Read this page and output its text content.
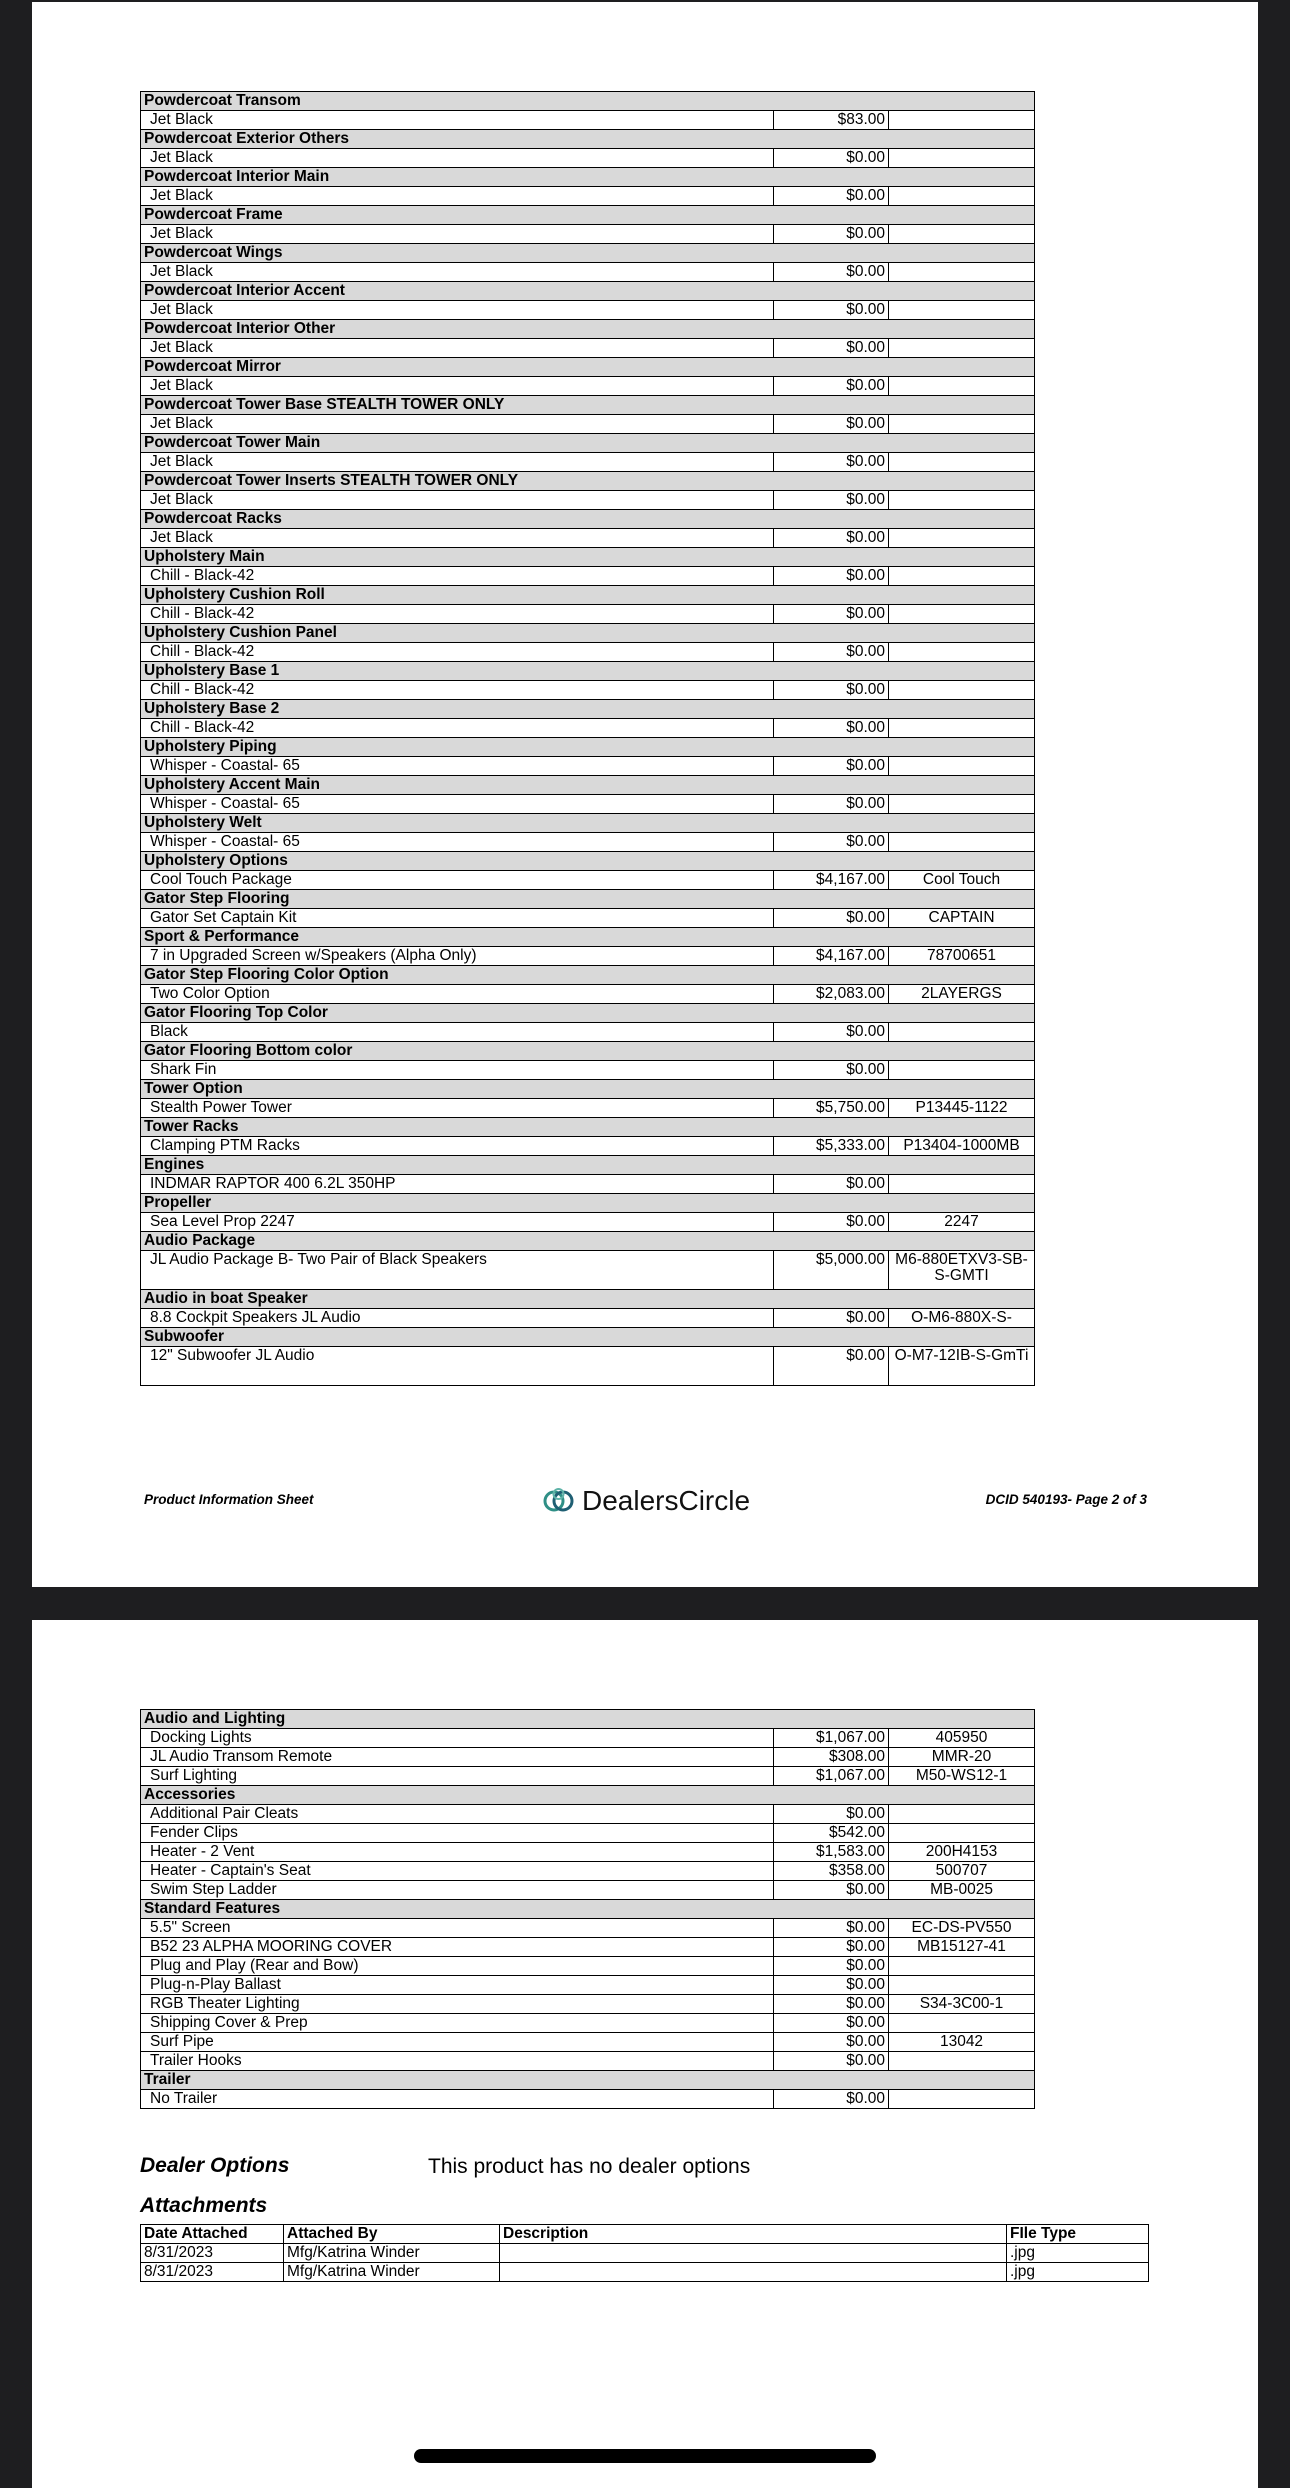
Powdercoat Transom		
Jet Black	$83.00	
Powdercoat Exterior Others		
Jet Black	$0.00	
Powdercoat Interior Main		
Jet Black	$0.00	
Powdercoat Frame		
Jet Black	$0.00	
Powdercoat Wings		
Jet Black	$0.00	
Powdercoat Interior Accent		
Jet Black	$0.00	
Powdercoat Interior Other		
Jet Black	$0.00	
Powdercoat Mirror		
Jet Black	$0.00	
Powdercoat Tower Base STEALTH TOWER ONLY		
Jet Black	$0.00	
Powdercoat Tower Main		
Jet Black	$0.00	
Powdercoat Tower Inserts STEALTH TOWER ONLY		
Jet Black	$0.00	
Powdercoat Racks		
Jet Black	$0.00	
Upholstery Main		
Chill - Black-42	$0.00	
Upholstery Cushion Roll		
Chill - Black-42	$0.00	
Upholstery Cushion Panel		
Chill - Black-42	$0.00	
Upholstery Base 1		
Chill - Black-42	$0.00	
Upholstery Base 2		
Chill - Black-42	$0.00	
Upholstery Piping		
Whisper - Coastal- 65	$0.00	
Upholstery Accent Main		
Whisper - Coastal- 65	$0.00	
Upholstery Welt		
Whisper - Coastal- 65	$0.00	
Upholstery Options		
Cool Touch Package	$4,167.00	Cool Touch
Gator Step Flooring		
Gator Set Captain Kit	$0.00	CAPTAIN
Sport & Performance		
7 in Upgraded Screen w/Speakers (Alpha Only)	$4,167.00	78700651
Gator Step Flooring Color Option		
Two Color Option	$2,083.00	2LAYERGS
Gator Flooring Top Color		
Black	$0.00	
Gator Flooring Bottom color		
Shark Fin	$0.00	
Tower Option		
Stealth Power Tower	$5,750.00	P13445-1122
Tower Racks		
Clamping PTM Racks	$5,333.00	P13404-1000MB
Engines		
INDMAR RAPTOR 400 6.2L 350HP	$0.00	
Propeller		
Sea Level Prop 2247	$0.00	2247
Audio Package		
JL Audio Package B- Two Pair of Black Speakers	$5,000.00	M6-880ETXV3-SB-S-GMTI
Audio in boat Speaker		
8.8 Cockpit Speakers JL Audio	$0.00	O-M6-880X-S-
Subwoofer		
12" Subwoofer JL Audio	$0.00	O-M7-12IB-S-GmTi
Product Information Sheet	DealersCircle	DCID 540193- Page 2 of 3
Audio and Lighting		
Docking Lights	$1,067.00	405950
JL Audio Transom Remote	$308.00	MMR-20
Surf Lighting	$1,067.00	M50-WS12-1
Accessories		
Additional Pair Cleats	$0.00	
Fender Clips	$542.00	
Heater - 2 Vent	$1,583.00	200H4153
Heater - Captain's Seat	$358.00	500707
Swim Step Ladder	$0.00	MB-0025
Standard Features		
5.5" Screen	$0.00	EC-DS-PV550
B52 23 ALPHA MOORING COVER	$0.00	MB15127-41
Plug and Play (Rear and Bow)	$0.00	
Plug-n-Play Ballast	$0.00	
RGB Theater Lighting	$0.00	S34-3C00-1
Shipping Cover & Prep	$0.00	
Surf Pipe	$0.00	13042
Trailer Hooks	$0.00	
Trailer		
No Trailer	$0.00	
Dealer Options	This product has no dealer options
Attachments
Date Attached	Attached By	Description	FIle Type
8/31/2023	Mfg/Katrina Winder		.jpg
8/31/2023	Mfg/Katrina Winder		.jpg
